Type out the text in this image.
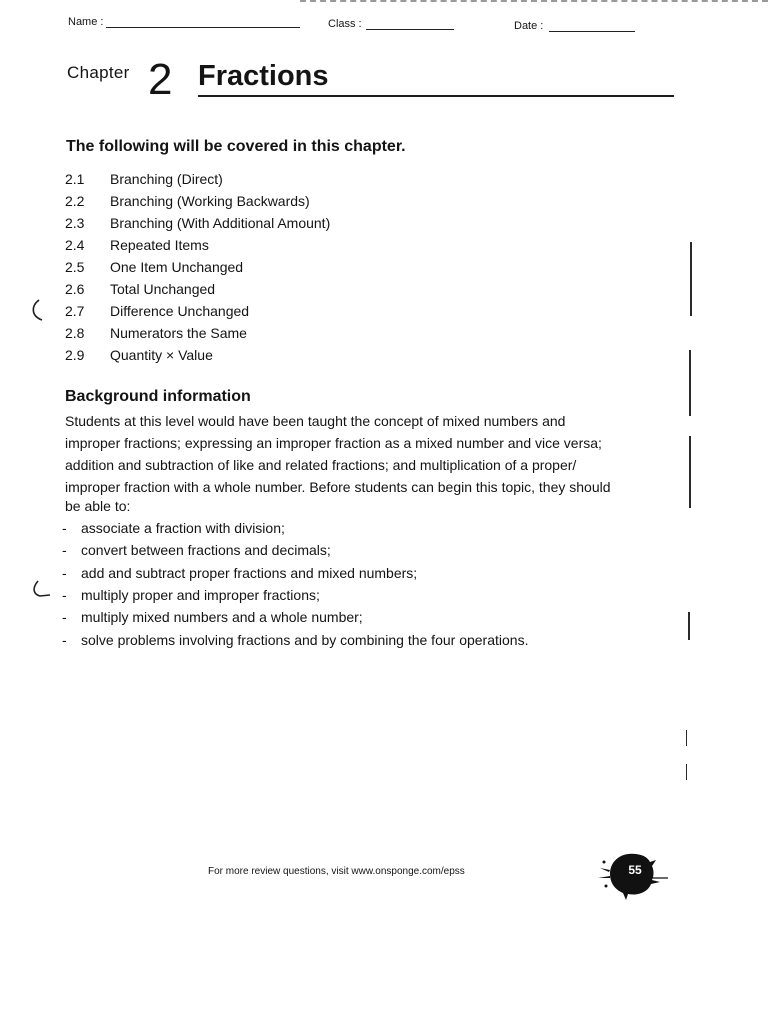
Name :	Class :	Date :
Chapter 2 Fractions
The following will be covered in this chapter.
2.1 Branching (Direct)
2.2 Branching (Working Backwards)
2.3 Branching (With Additional Amount)
2.4 Repeated Items
2.5 One Item Unchanged
2.6 Total Unchanged
2.7 Difference Unchanged
2.8 Numerators the Same
2.9 Quantity × Value
Background information
Students at this level would have been taught the concept of mixed numbers and
improper fractions; expressing an improper fraction as a mixed number and vice versa;
addition and subtraction of like and related fractions; and multiplication of a proper/
improper fraction with a whole number. Before students can begin this topic, they should
be able to:
- associate a fraction with division;
- convert between fractions and decimals;
- add and subtract proper fractions and mixed numbers;
- multiply proper and improper fractions;
- multiply mixed numbers and a whole number;
- solve problems involving fractions and by combining the four operations.
For more review questions, visit www.onsponge.com/epss	55
